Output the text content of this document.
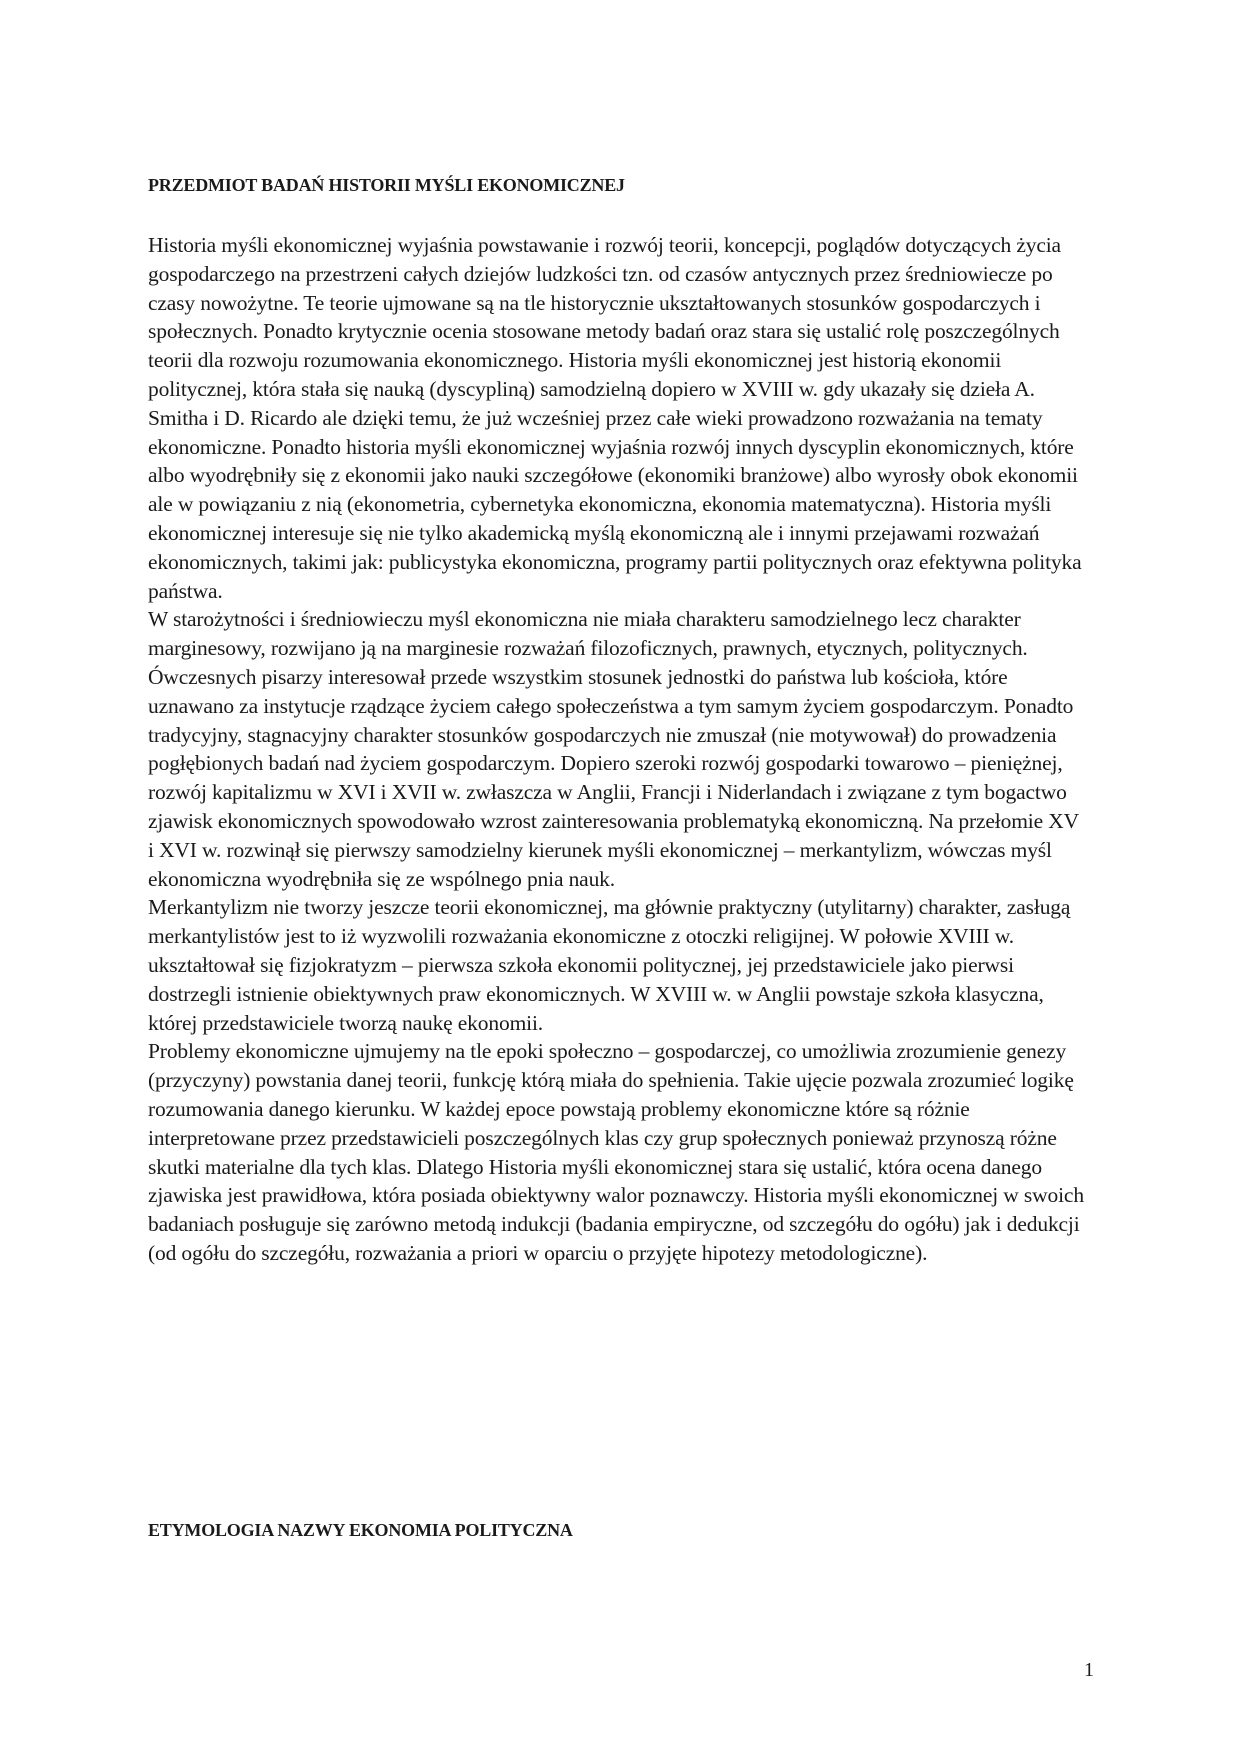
PRZEDMIOT BADAŃ HISTORII MYŚLI EKONOMICZNEJ

Historia myśli ekonomicznej wyjaśnia powstawanie i rozwój teorii, koncepcji, poglądów dotyczących życia gospodarczego na przestrzeni całych dziejów ludzkości tzn. od czasów antycznych przez średniowiecze po czasy nowożytne. Te teorie ujmowane są na tle historycznie ukształtowanych stosunków gospodarczych i społecznych. Ponadto krytycznie ocenia stosowane metody badań oraz stara się ustalić rolę poszczególnych teorii dla rozwoju rozumowania ekonomicznego. Historia myśli ekonomicznej jest historią ekonomii politycznej, która stała się nauką (dyscypliną) samodzielną dopiero w XVIII w. gdy ukazały się dzieła A. Smitha i D. Ricardo ale dzięki temu, że już wcześniej przez całe wieki prowadzono rozważania na tematy ekonomiczne. Ponadto historia myśli ekonomicznej wyjaśnia rozwój innych dyscyplin ekonomicznych, które albo wyodrębniły się z ekonomii jako nauki szczegółowe (ekonomiki branżowe) albo wyrosły obok ekonomii ale w powiązaniu z nią (ekonometria, cybernetyka ekonomiczna, ekonomia matematyczna). Historia myśli ekonomicznej interesuje się nie tylko akademicką myślą ekonomiczną ale i innymi przejawami rozważań ekonomicznych, takimi jak: publicystyka ekonomiczna, programy partii politycznych oraz efektywna polityka państwa.

W starożytności i średniowieczu myśl ekonomiczna nie miała charakteru samodzielnego lecz charakter marginesowy, rozwijano ją na marginesie rozważań filozoficznych, prawnych, etycznych, politycznych. Ówczesnych pisarzy interesował przede wszystkim stosunek jednostki do państwa lub kościoła, które uznawano za instytucje rządzące życiem całego społeczeństwa a tym samym życiem gospodarczym. Ponadto tradycyjny, stagnacyjny charakter stosunków gospodarczych nie zmuszał (nie motywował) do prowadzenia pogłębionych badań nad życiem gospodarczym. Dopiero szeroki rozwój gospodarki towarowo – pieniężnej, rozwój kapitalizmu w XVI i XVII w. zwłaszcza w Anglii, Francji i Niderlandach i związane z tym bogactwo zjawisk ekonomicznych spowodowało wzrost zainteresowania problematyką ekonomiczną. Na przełomie XV i XVI w. rozwinął się pierwszy samodzielny kierunek myśli ekonomicznej – merkantylizm, wówczas myśl ekonomiczna wyodrębniła się ze wspólnego pnia nauk.

Merkantylizm nie tworzy jeszcze teorii ekonomicznej, ma głównie praktyczny (utylitarny) charakter, zasługą merkantylistów jest to iż wyzwolili rozważania ekonomiczne z otoczki religijnej. W połowie XVIII w. ukształtował się fizjokratyzm – pierwsza szkoła ekonomii politycznej, jej przedstawiciele jako pierwsi dostrzegli istnienie obiektywnych praw ekonomicznych. W XVIII w. w Anglii powstaje szkoła klasyczna, której przedstawiciele tworzą naukę ekonomii.

Problemy ekonomiczne ujmujemy na tle epoki społeczno – gospodarczej, co umożliwia zrozumienie genezy (przyczyny) powstania danej teorii, funkcję którą miała do spełnienia. Takie ujęcie pozwala zrozumieć logikę rozumowania danego kierunku. W każdej epoce powstają problemy ekonomiczne które są różnie interpretowane przez przedstawicieli poszczególnych klas czy grup społecznych ponieważ przynoszą różne skutki materialne dla tych klas. Dlatego Historia myśli ekonomicznej stara się ustalić, która ocena danego zjawiska jest prawidłowa, która posiada obiektywny walor poznawczy. Historia myśli ekonomicznej w swoich badaniach posługuje się zarówno metodą indukcji (badania empiryczne, od szczegółu do ogółu) jak i dedukcji (od ogółu do szczegółu, rozważania a priori w oparciu o przyjęte hipotezy metodologiczne).

ETYMOLOGIA NAZWY EKONOMIA POLITYCZNA
1
